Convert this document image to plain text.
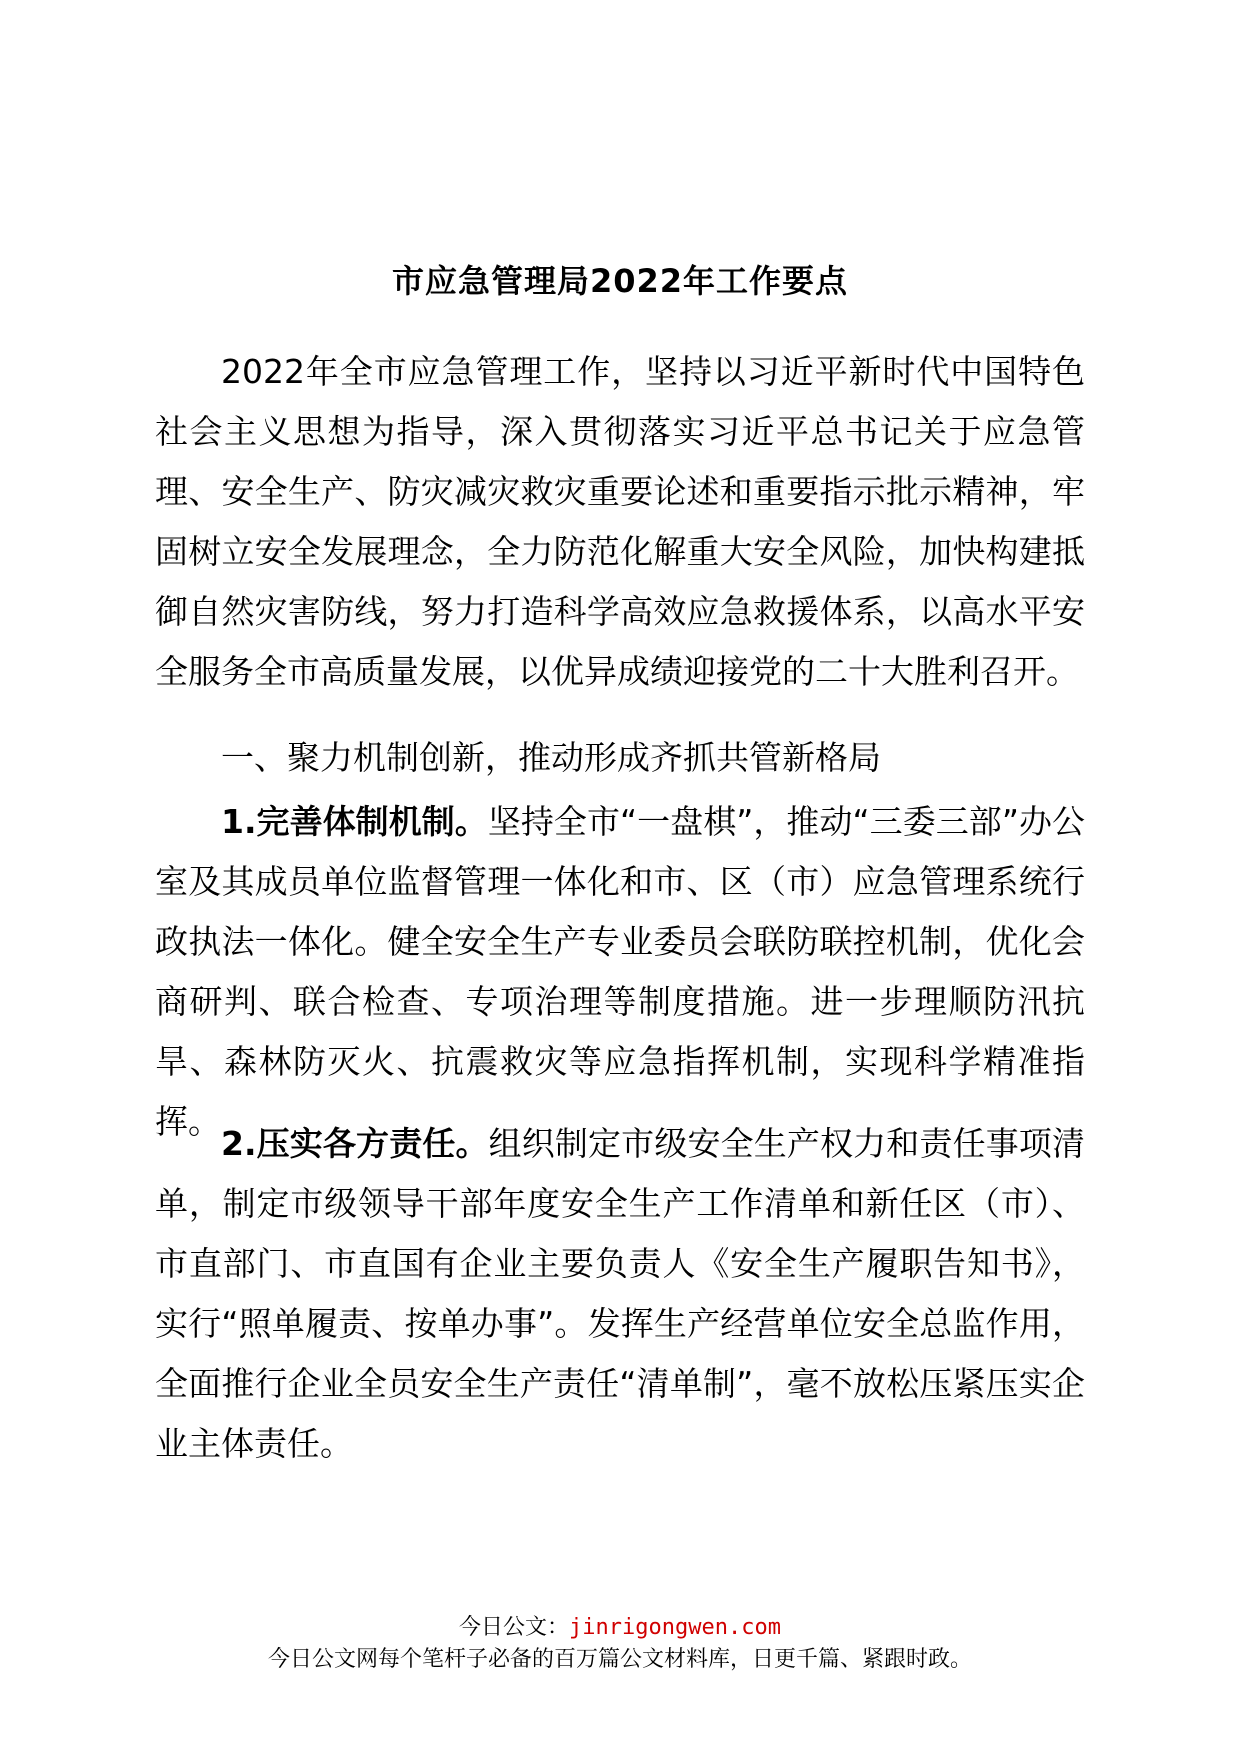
市应急管理局2022年工作要点

2022年全市应急管理工作，坚持以习近平新时代中国特色社会主义思想为指导，深入贯彻落实习近平总书记关于应急管理、安全生产、防灾减灾救灾重要论述和重要指示批示精神，牢固树立安全发展理念，全力防范化解重大安全风险，加快构建抵御自然灾害防线，努力打造科学高效应急救援体系，以高水平安全服务全市高质量发展，以优异成绩迎接党的二十大胜利召开。

一、聚力机制创新，推动形成齐抓共管新格局

1.完善体制机制。坚持全市“一盘棋”，推动“三委三部”办公室及其成员单位监督管理一体化和市、区（市）应急管理系统行政执法一体化。健全安全生产专业委员会联防联控机制，优化会商研判、联合检查、专项治理等制度措施。进一步理顺防汛抗旱、森林防灭火、抗震救灾等应急指挥机制，实现科学精准指挥。

2.压实各方责任。组织制定市级安全生产权力和责任事项清单，制定市级领导干部年度安全生产工作清单和新任区（市）、市直部门、市直国有企业主要负责人《安全生产履职告知书》，实行“照单履责、按单办事”。发挥生产经营单位安全总监作用，全面推行企业全员安全生产责任“清单制”，毫不放松压紧压实企业主体责任。

今日公文：jinrigongwen.com
今日公文网每个笔杆子必备的百万篇公文材料库，日更千篇、紧跟时政。
